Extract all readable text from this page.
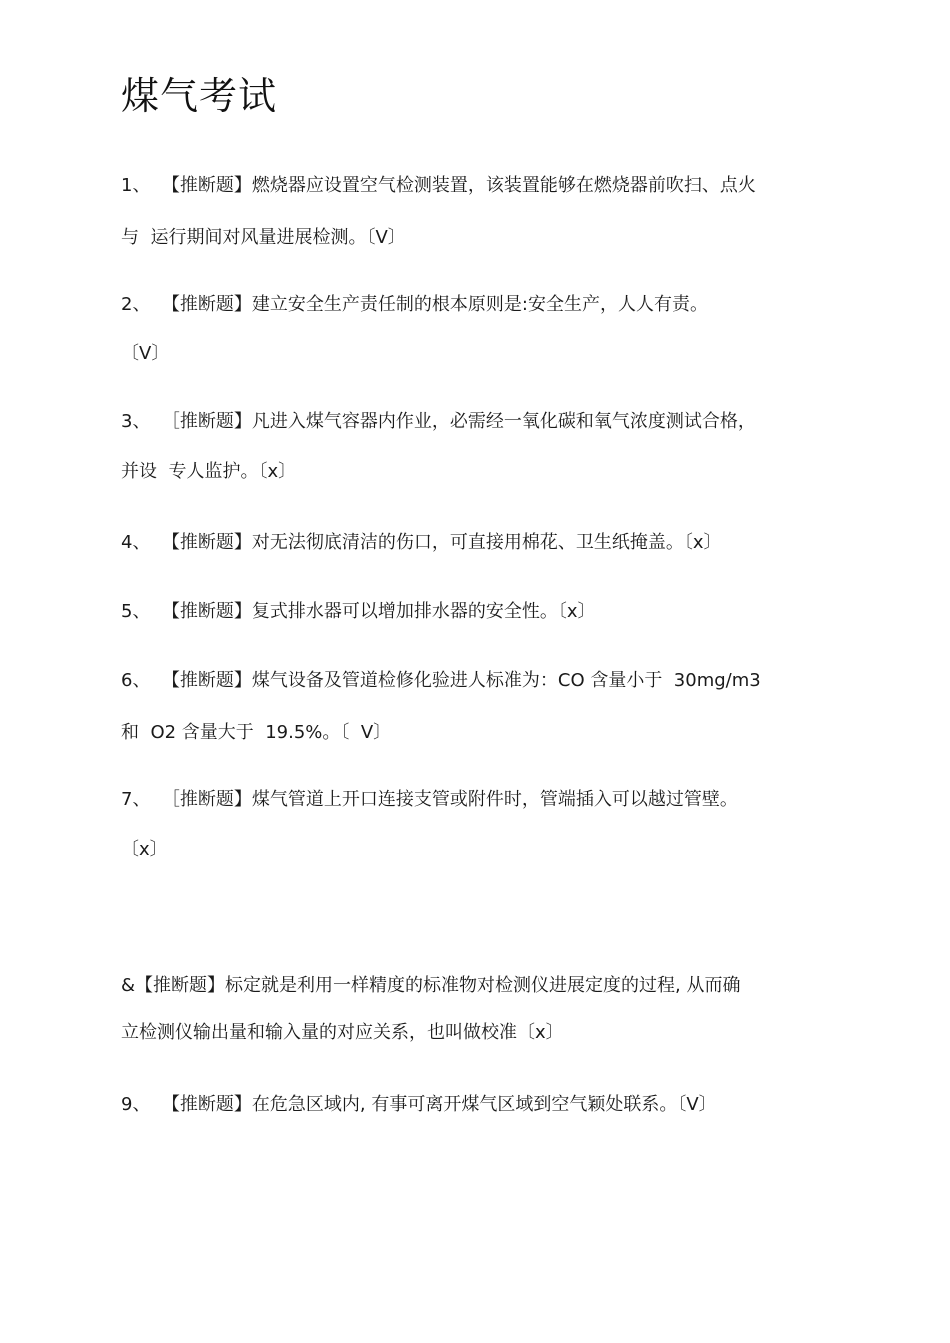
煤气考试
1、  【推断题】燃烧器应设置空气检测装置，该装置能够在燃烧器前吹扫、点火
与  运行期间对风量进展检测。〔V〕
2、  【推断题】建立安全生产责任制的根本原则是:安全生产，人人有责。
〔V〕
3、  ［推断题】凡进入煤气容器内作业，必需经一氧化碳和氧气浓度测试合格，
并设  专人监护。〔x〕
4、  【推断题】对无法彻底清洁的伤口，可直接用棉花、卫生纸掩盖。〔x〕
5、  【推断题】复式排水器可以增加排水器的安全性。〔x〕
6、  【推断题】煤气设备及管道检修化验进人标准为：CO 含量小于  30mg/m3
和  O2 含量大于  19.5%。〔  V〕
7、  ［推断题】煤气管道上开口连接支管或附件时，管端插入可以越过管壁。
〔x〕
&【推断题】标定就是利用一样精度的标准物对检测仪进展定度的过程, 从而确
立检测仪输出量和输入量的对应关系，也叫做校准〔x〕
9、  【推断题】在危急区域内, 有事可离开煤气区域到空气颖处联系。〔V〕
